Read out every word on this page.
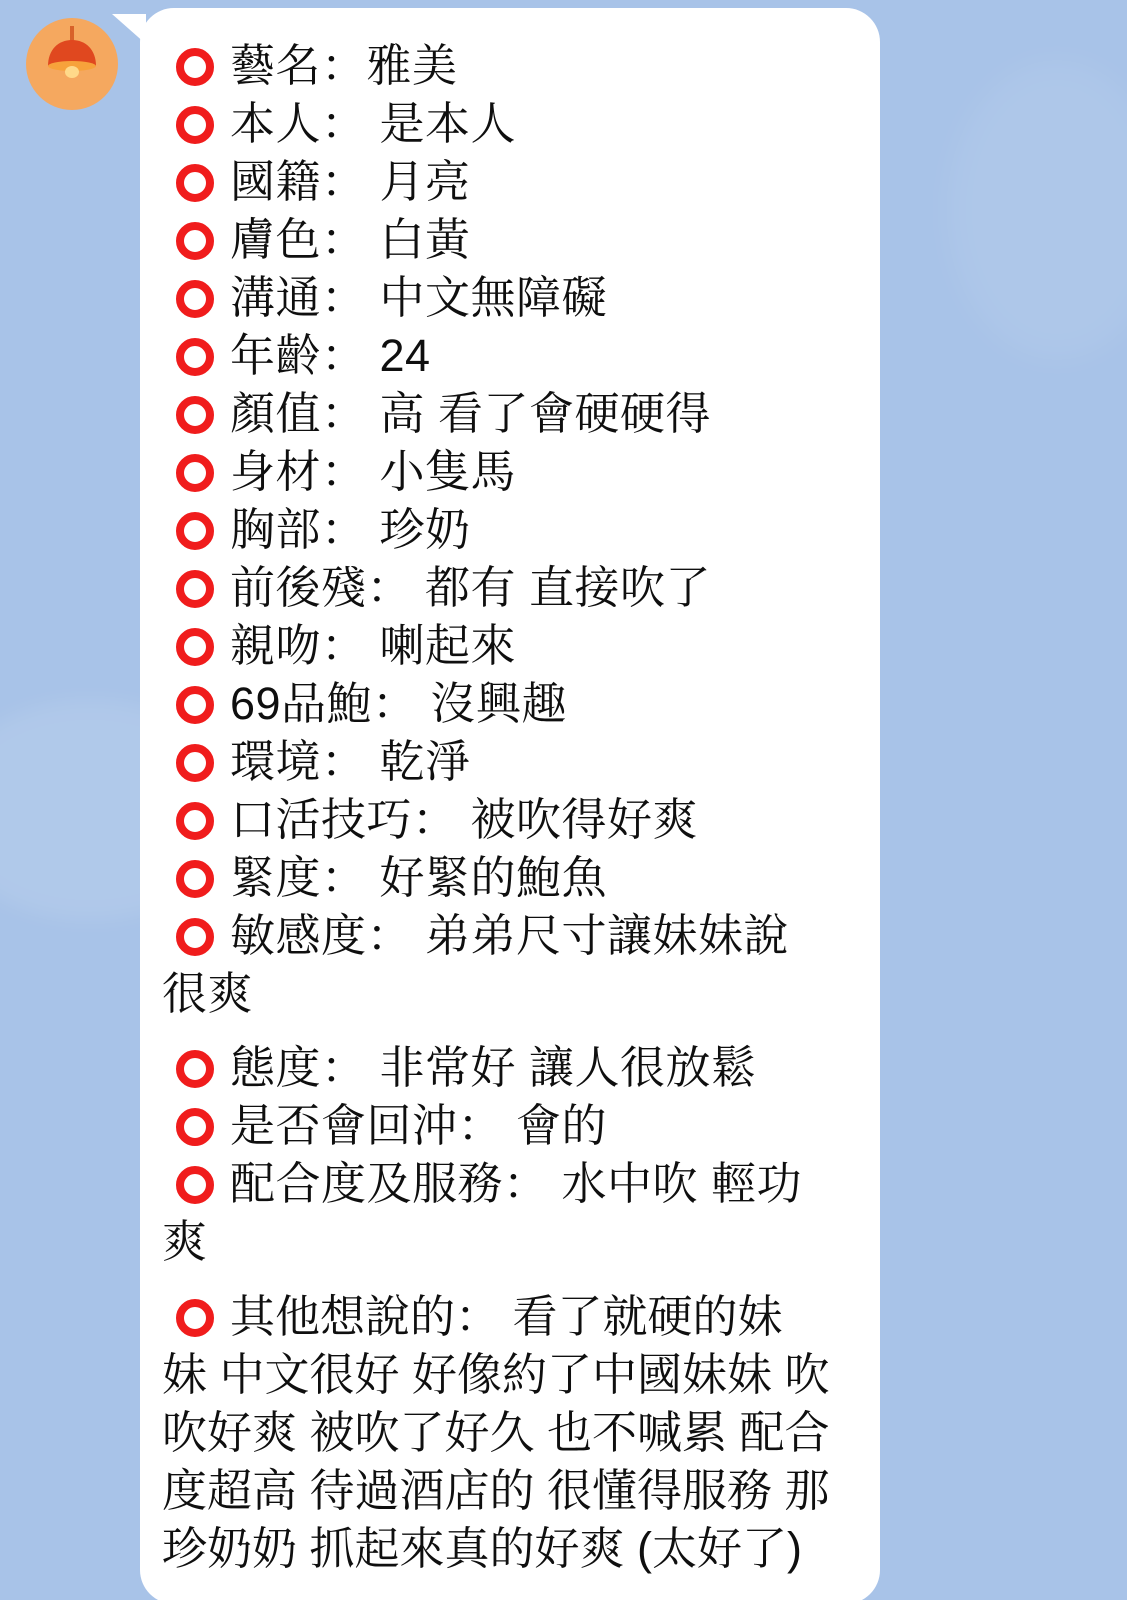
藝名：雅美
本人： 是本人
國籍： 月亮
膚色： 白黃
溝通： 中文無障礙
年齡： 24
顏值： 高 看了會硬硬得
身材： 小隻馬
胸部： 珍奶
前後殘： 都有 直接吹了
親吻： 喇起來
69品鮑： 沒興趣
環境： 乾淨
口活技巧： 被吹得好爽
緊度： 好緊的鮑魚
敏感度： 弟弟尺寸讓妹妹說
很爽
態度： 非常好 讓人很放鬆
是否會回沖： 會的
配合度及服務： 水中吹 輕功
爽
其他想說的： 看了就硬的妹
妹 中文很好 好像約了中國妹妹 吹吹好爽 被吹了好久 也不喊累 配合度超高 待過酒店的 很懂得服務 那珍奶奶 抓起來真的好爽 (太好了)
